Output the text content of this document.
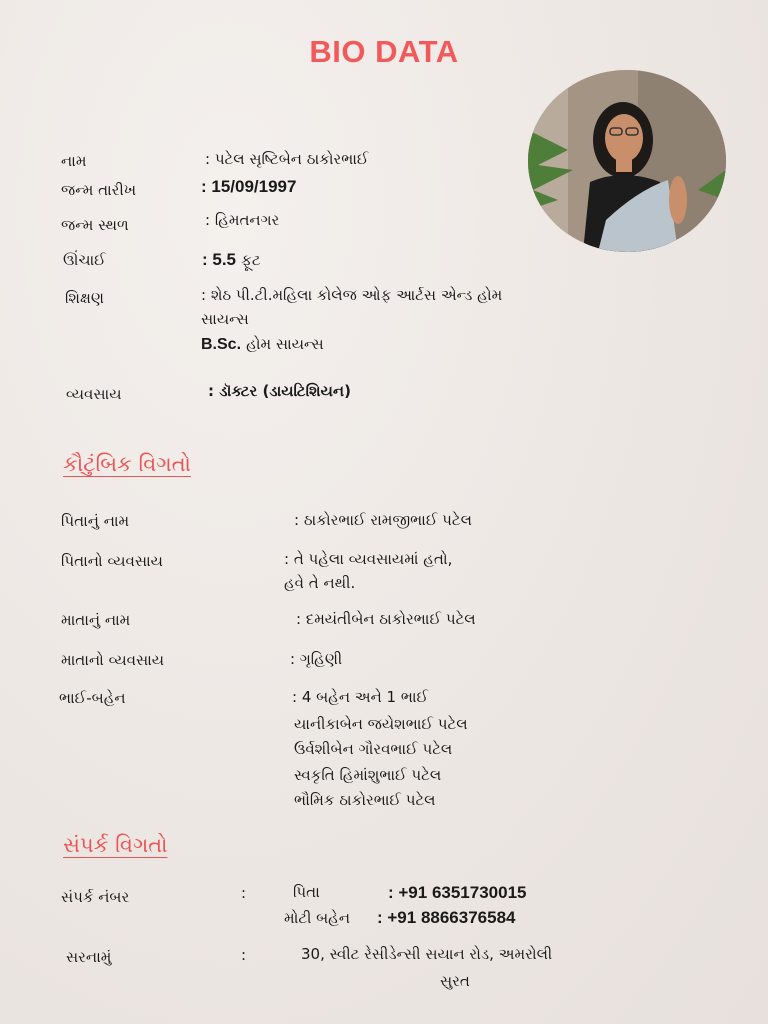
BIO DATA
નામ	: પટેલ સૃષ્ટિબેન ઠાકોરભાઈ
જન્મ તારીખ	: 15/09/1997
જન્મ સ્થળ	: હિમતનગર
ઊંચાઈ	: 5.5 ફૂટ
શિક્ષણ	: શેઠ પી.ટી.મહિલા કોલેજ ઓફ આર્ટસ એન્ડ હોમ
સાયન્સ
B.Sc. હોમ સાયન્સ
વ્યવસાય	: ડૉક્ટર (ડાયટિશિયન)
કૌટુંબિક વિગતો
પિતાનું નામ	: ઠાકોરભાઈ રામજીભાઈ પટેલ
પિતાનો વ્યવસાય	: તે પહેલા વ્યવસાયમાં હતો,
હવે તે નથી.
માતાનું નામ	: દમયંતીબેન ઠાકોરભાઈ પટેલ
માતાનો વ્યવસાય	: ગૃહિણી
ભાઈ-બહેન	: 4 બહેન અને 1 ભાઈ
યાનીકાબેન જયેશભાઈ પટેલ
ઉર્વશીબેન ગૌરવભાઈ પટેલ
સ્વકૃતિ હિમાંશુભાઈ પટેલ
ભૌમિક ઠાકોરભાઈ પટેલ
સંપર્ક વિગતો
સંપર્ક નંબર	:	પિતા	: +91 6351730015
મોટી બહેન : +91 8866376584
સરનામું	:	30, સ્વીટ રેસીડેન્સી સયાન રોડ, અમરોલી
સુરત
